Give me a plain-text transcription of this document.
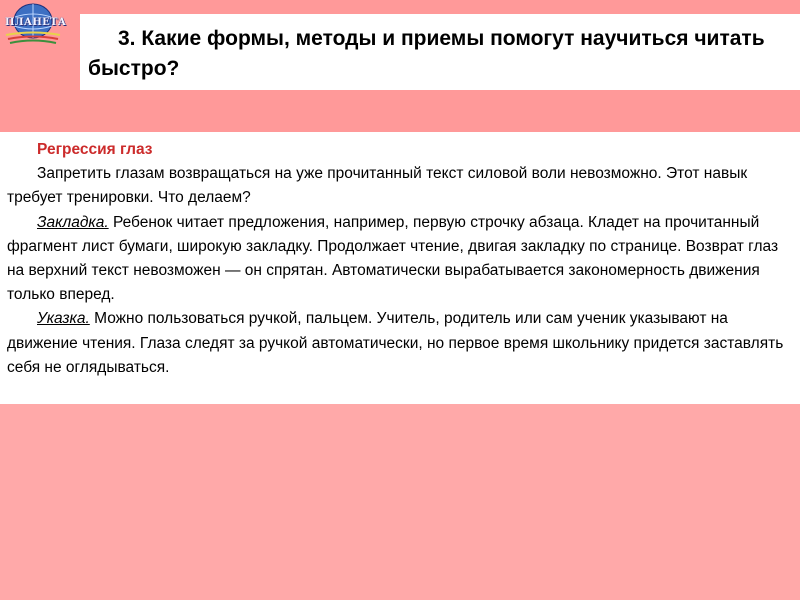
ПЛАНЕТА
3. Какие формы, методы и приемы помогут научиться читать быстро?

Регрессия глаз

Запретить глазам возвращаться на уже прочитанный текст силовой воли невозможно. Этот навык требует тренировки. Что делаем?

Закладка. Ребенок читает предложения, например, первую строчку абзаца. Кладет на прочитанный фрагмент лист бумаги, широкую закладку. Продолжает чтение, двигая закладку по странице. Возврат глаз на верхний текст невозможен — он спрятан. Автоматически вырабатывается закономерность движения только вперед.

Указка. Можно пользоваться ручкой, пальцем. Учитель, родитель или сам ученик указывают на движение чтения. Глаза следят за ручкой автоматически, но первое время школьнику придется заставлять себя не оглядываться.
